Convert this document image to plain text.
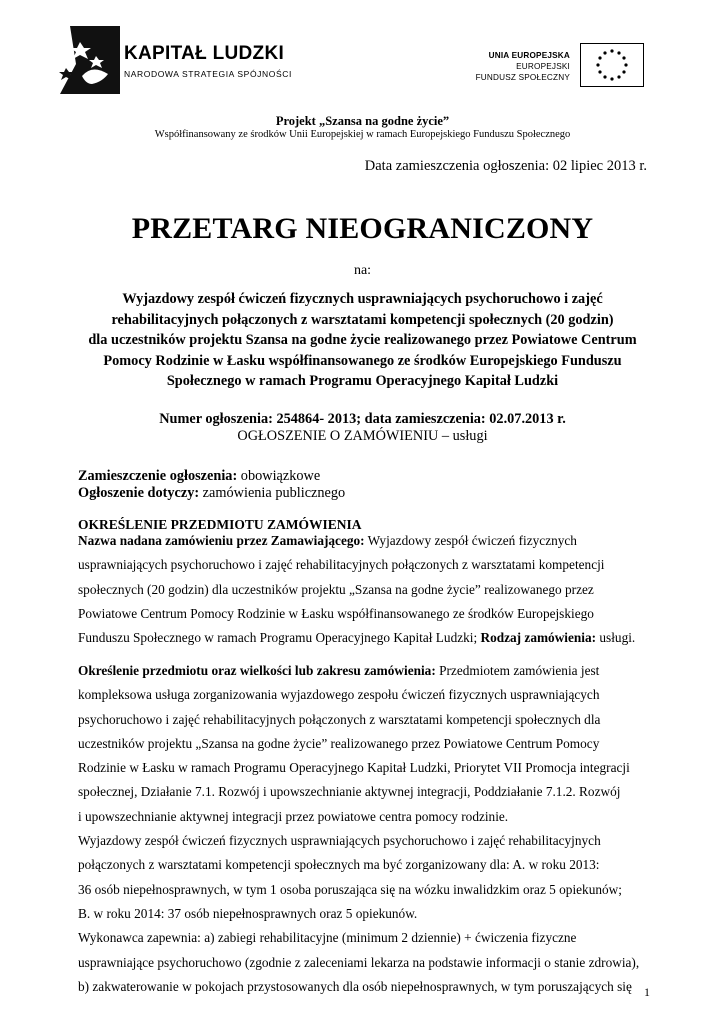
KAPITAŁ LUDZKI
NARODOWA STRATEGIA SPÓJNOŚCI
UNIA EUROPEJSKA
EUROPEJSKI
FUNDUSZ SPOŁECZNY
Projekt „Szansa na godne życie”
Współfinansowany ze środków Unii Europejskiej w ramach Europejskiego Funduszu Społecznego
Data zamieszczenia ogłoszenia: 02 lipiec 2013 r.
PRZETARG NIEOGRANICZONY
na:
Wyjazdowy zespół ćwiczeń fizycznych usprawniających psychoruchowo i zajęć
rehabilitacyjnych połączonych z warsztatami kompetencji społecznych (20 godzin)
dla uczestników projektu Szansa na godne życie realizowanego przez Powiatowe Centrum
Pomocy Rodzinie w Łasku współfinansowanego ze środków Europejskiego Funduszu
Społecznego w ramach Programu Operacyjnego Kapitał Ludzki
Numer ogłoszenia: 254864- 2013; data zamieszczenia: 02.07.2013 r.
OGŁOSZENIE O ZAMÓWIENIU – usługi
Zamieszczenie ogłoszenia: obowiązkowe
Ogłoszenie dotyczy: zamówienia publicznego
OKREŚLENIE PRZEDMIOTU ZAMÓWIENIA
Nazwa nadana zamówieniu przez Zamawiającego: Wyjazdowy zespół ćwiczeń fizycznych
usprawniających psychoruchowo i zajęć rehabilitacyjnych połączonych z warsztatami kompetencji
społecznych (20 godzin) dla uczestników projektu „Szansa na godne życie” realizowanego przez
Powiatowe Centrum Pomocy Rodzinie w Łasku współfinansowanego ze środków Europejskiego
Funduszu Społecznego w ramach Programu Operacyjnego Kapitał Ludzki; Rodzaj zamówienia: usługi.
Określenie przedmiotu oraz wielkości lub zakresu zamówienia: Przedmiotem zamówienia jest
kompleksowa usługa zorganizowania wyjazdowego zespołu ćwiczeń fizycznych usprawniających
psychoruchowo i zajęć rehabilitacyjnych połączonych z warsztatami kompetencji społecznych dla
uczestników projektu „Szansa na godne życie” realizowanego przez Powiatowe Centrum Pomocy
Rodzinie w Łasku w ramach Programu Operacyjnego Kapitał Ludzki, Priorytet VII Promocja integracji
społecznej, Działanie 7.1. Rozwój i upowszechnianie aktywnej integracji, Poddziałanie 7.1.2. Rozwój
i upowszechnianie aktywnej integracji przez powiatowe centra pomocy rodzinie.
Wyjazdowy zespół ćwiczeń fizycznych usprawniających psychoruchowo i zajęć rehabilitacyjnych
połączonych z warsztatami kompetencji społecznych ma być zorganizowany dla: A. w roku 2013:
36 osób niepełnosprawnych, w tym 1 osoba poruszająca się na wózku inwalidzkim oraz 5 opiekunów;
B. w roku 2014: 37 osób niepełnosprawnych oraz 5 opiekunów.
Wykonawca zapewnia: a) zabiegi rehabilitacyjne (minimum 2 dziennie) + ćwiczenia fizyczne
usprawniające psychoruchowo (zgodnie z zaleceniami lekarza na podstawie informacji o stanie zdrowia),
b) zakwaterowanie w pokojach przystosowanych dla osób niepełnosprawnych, w tym poruszających się	1
